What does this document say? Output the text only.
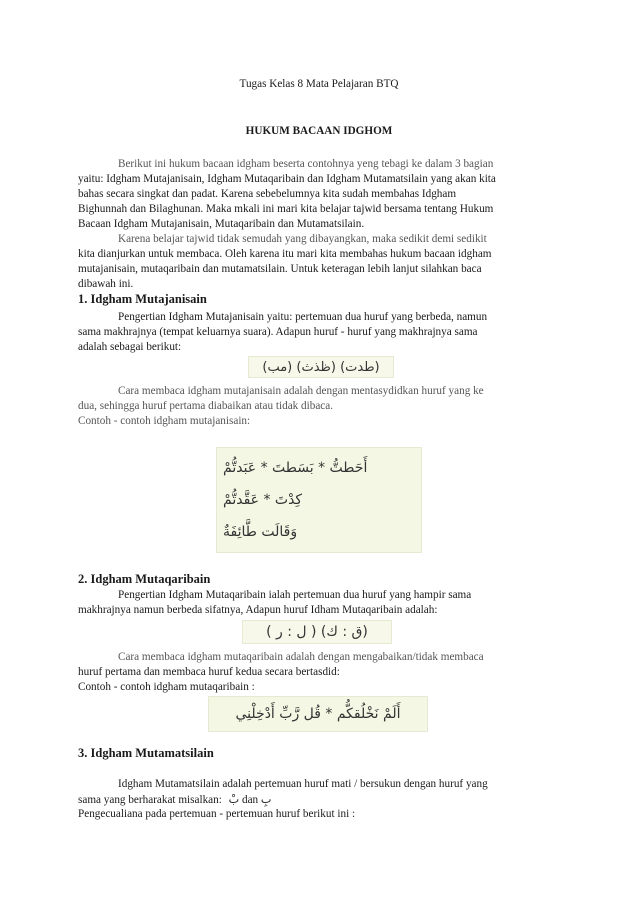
Tugas Kelas 8 Mata Pelajaran BTQ
HUKUM BACAAN IDGHOM
Berikut ini hukum bacaan idgham beserta contohnya yeng tebagi ke dalam 3 bagian
yaitu: Idgham Mutajanisain, Idgham Mutaqaribain dan Idgham Mutamatsilain yang akan kita
bahas secara singkat dan padat. Karena sebebelumnya kita sudah membahas Idgham
Bighunnah dan Bilaghunan. Maka mkali ini mari kita belajar tajwid bersama tentang Hukum
Bacaan Idgham Mutajanisain, Mutaqaribain dan Mutamatsilain.
Karena belajar tajwid tidak semudah yang dibayangkan, maka sedikit demi sedikit
kita dianjurkan untuk membaca. Oleh karena itu mari kita membahas hukum bacaan idgham
mutajanisain, mutaqaribain dan mutamatsilain. Untuk keteragan lebih lanjut silahkan baca
dibawah ini.
1. Idgham Mutajanisain
Pengertian Idgham Mutajanisain yaitu: pertemuan dua huruf yang berbeda, namun
sama makhrajnya (tempat keluarnya suara). Adapun huruf - huruf yang makhrajnya sama
adalah sebagai berikut:
(طدت) (ظذث) (مب)
Cara membaca idgham mutajanisain adalah dengan mentasydidkan huruf yang ke
dua, sehingga huruf pertama diabaikan atau tidak dibaca.
Contoh - contoh idgham mutajanisain:
أَحَطتُّ * بَسَطتَ * عَبَدتُّمْ
كِدْتَ * عَقَّدتُّمْ
وَقَالَت طَّائِفَةٌ
2. Idgham Mutaqaribain
Pengertian Idgham Mutaqaribain ialah pertemuan dua huruf yang hampir sama
makhrajnya namun berbeda sifatnya, Adapun huruf Idham Mutaqaribain adalah:
(ق : ك) ( ل : ر )
Cara membaca idgham mutaqaribain adalah dengan mengabaikan/tidak membaca
huruf pertama dan membaca huruf kedua secara bertasdid:
Contoh - contoh idgham mutaqaribain :
أَلَمْ نَخْلُقكُّم * قُل رَّبِّ أَدْخِلْنِي
3. Idgham Mutamatsilain
Idgham Mutamatsilain adalah pertemuan huruf mati / bersukun dengan huruf yang
sama yang berharakat misalkan: بْ dan بِ
Pengecualiana pada pertemuan - pertemuan huruf berikut ini :
